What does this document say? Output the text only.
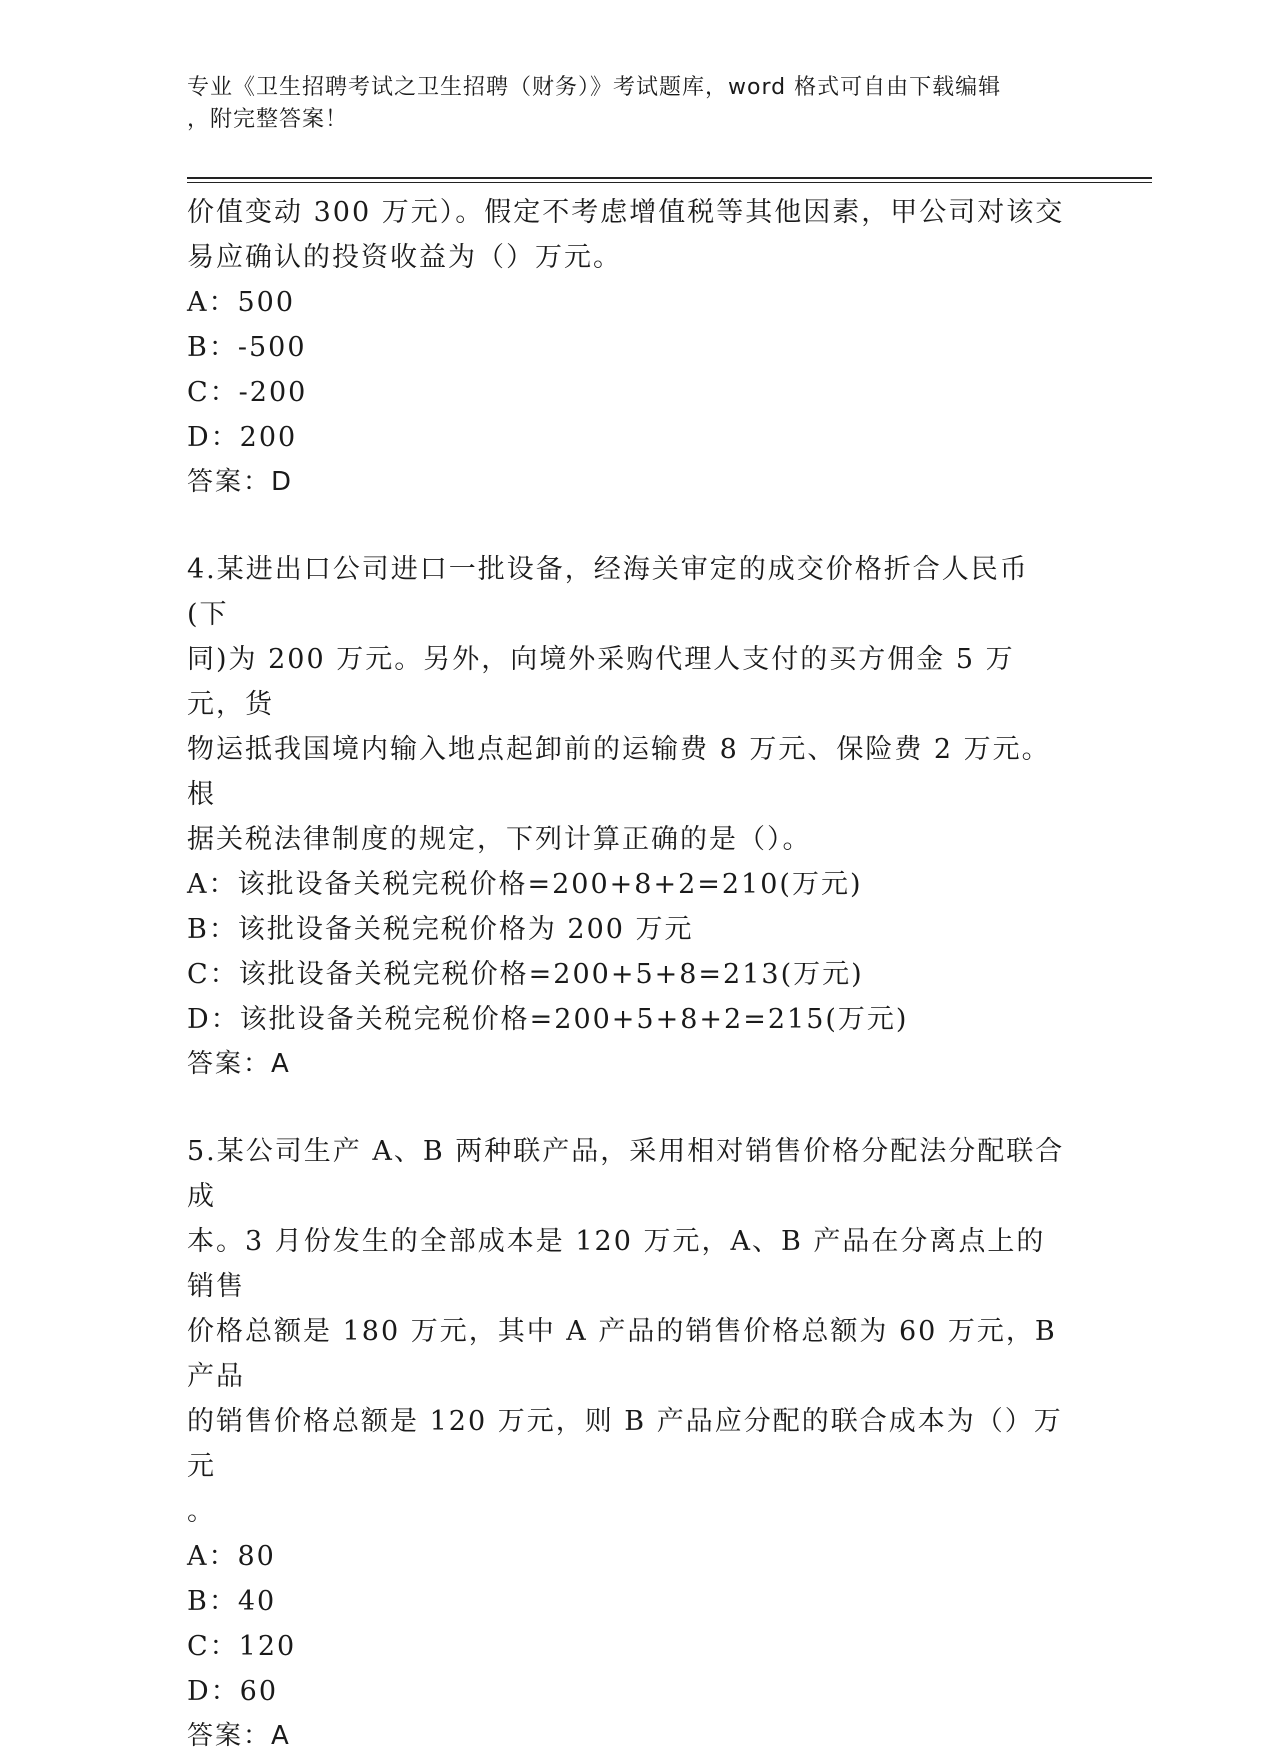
专业《卫生招聘考试之卫生招聘（财务）》考试题库，word 格式可自由下载编辑
，附完整答案！

价值变动 300 万元）。假定不考虑增值税等其他因素，甲公司对该交

易应确认的投资收益为（）万元。

A：500

B：-500

C：-200

D：200

答案：D

4.某进出口公司进口一批设备，经海关审定的成交价格折合人民币(下

同)为 200 万元。另外，向境外采购代理人支付的买方佣金 5 万元，货

物运抵我国境内输入地点起卸前的运输费 8 万元、保险费 2 万元。根

据关税法律制度的规定，下列计算正确的是（）。

A：该批设备关税完税价格=200+8+2=210(万元)

B：该批设备关税完税价格为 200 万元

C：该批设备关税完税价格=200+5+8=213(万元)

D：该批设备关税完税价格=200+5+8+2=215(万元)

答案：A

5.某公司生产 A、B 两种联产品，采用相对销售价格分配法分配联合成

本。3 月份发生的全部成本是 120 万元，A、B 产品在分离点上的销售

价格总额是 180 万元，其中 A 产品的销售价格总额为 60 万元，B 产品

的销售价格总额是 120 万元，则 B 产品应分配的联合成本为（）万元

。

A：80

B：40

C：120

D：60

答案：A
